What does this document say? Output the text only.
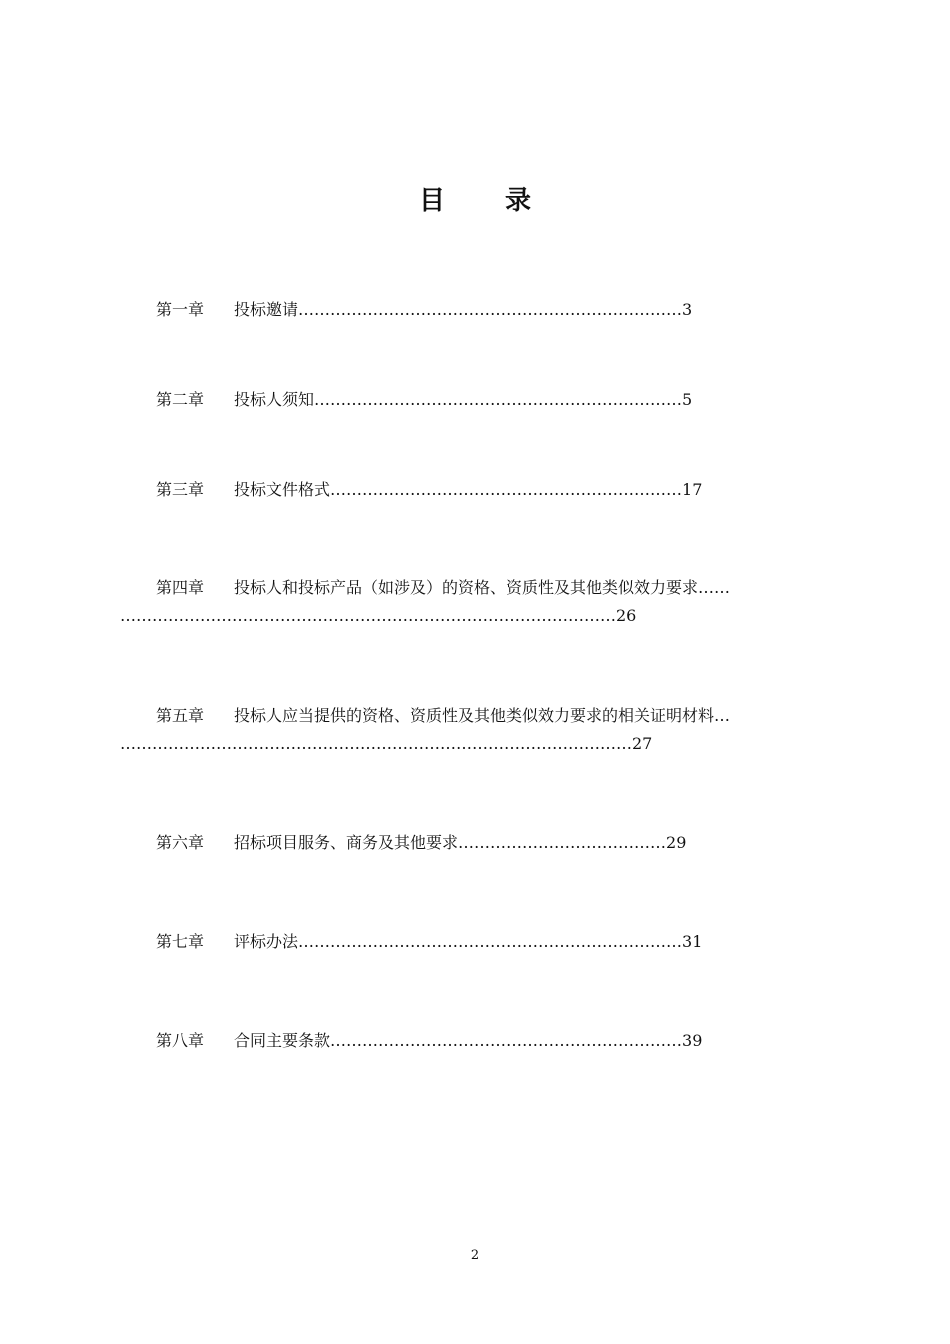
目 录
第一章 投标邀请………………………………………………………………3
第二章 投标人须知……………………………………………………………5
第三章 投标文件格式…………………………………………………………17
第四章 投标人和投标产品（如涉及）的资格、资质性及其他类似效力要求……
…………………………………………………………………………………26
第五章 投标人应当提供的资格、资质性及其他类似效力要求的相关证明材料…
……………………………………………………………………………………27
第六章 招标项目服务、商务及其他要求…………………………………29
第七章 评标办法………………………………………………………………31
第八章 合同主要条款…………………………………………………………39
2
